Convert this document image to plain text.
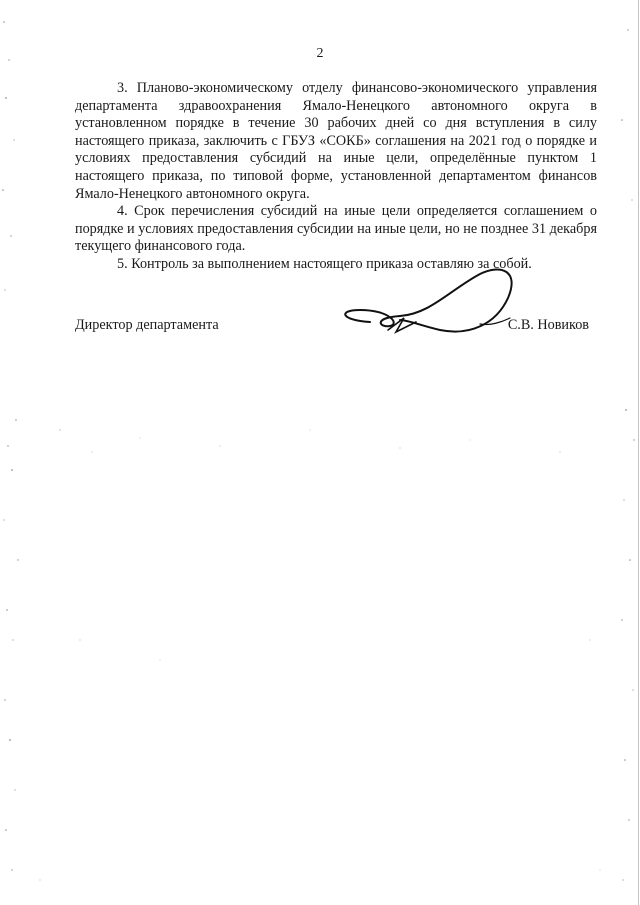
2

3. Планово-экономическому отделу финансово-экономического управления департамента здравоохранения Ямало-Ненецкого автономного округа в установленном порядке в течение 30 рабочих дней со дня вступления в силу настоящего приказа, заключить с ГБУЗ «СОКБ» соглашения на 2021 год о порядке и условиях предоставления субсидий на иные цели, определённые пунктом 1 настоящего приказа, по типовой форме, установленной департаментом финансов Ямало-Ненецкого автономного округа.

4. Срок перечисления субсидий на иные цели определяется соглашением о порядке и условиях предоставления субсидии на иные цели, но не позднее 31 декабря текущего финансового года.

5. Контроль за выполнением настоящего приказа оставляю за собой.

Директор департамента	С.В. Новиков
